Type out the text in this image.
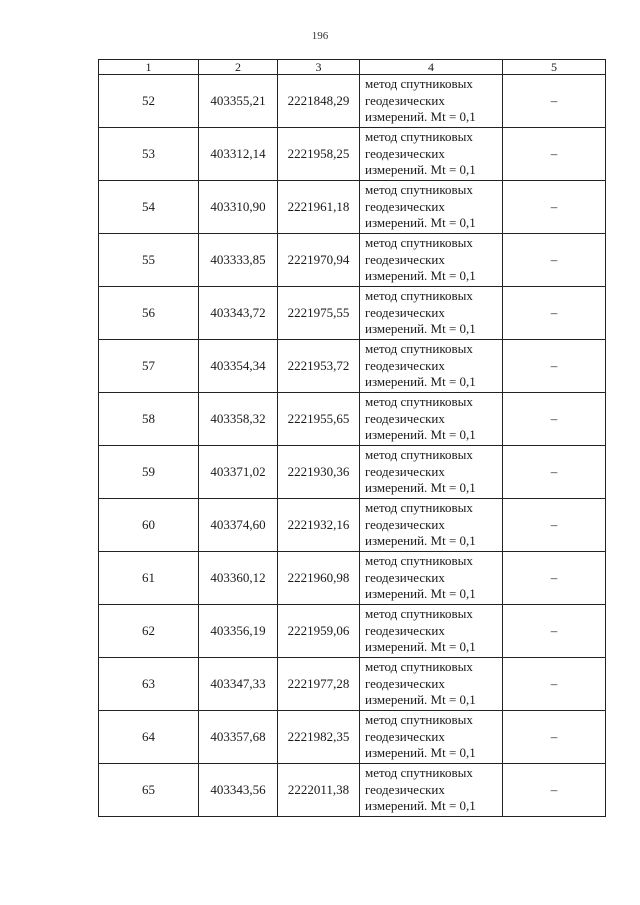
196
1	2	3	4	5
52	403355,21	2221848,29	метод спутниковых
геодезических
измерений. Mt = 0,1	–
53	403312,14	2221958,25	метод спутниковых
геодезических
измерений. Mt = 0,1	–
54	403310,90	2221961,18	метод спутниковых
геодезических
измерений. Mt = 0,1	–
55	403333,85	2221970,94	метод спутниковых
геодезических
измерений. Mt = 0,1	–
56	403343,72	2221975,55	метод спутниковых
геодезических
измерений. Mt = 0,1	–
57	403354,34	2221953,72	метод спутниковых
геодезических
измерений. Mt = 0,1	–
58	403358,32	2221955,65	метод спутниковых
геодезических
измерений. Mt = 0,1	–
59	403371,02	2221930,36	метод спутниковых
геодезических
измерений. Mt = 0,1	–
60	403374,60	2221932,16	метод спутниковых
геодезических
измерений. Mt = 0,1	–
61	403360,12	2221960,98	метод спутниковых
геодезических
измерений. Mt = 0,1	–
62	403356,19	2221959,06	метод спутниковых
геодезических
измерений. Mt = 0,1	–
63	403347,33	2221977,28	метод спутниковых
геодезических
измерений. Mt = 0,1	–
64	403357,68	2221982,35	метод спутниковых
геодезических
измерений. Mt = 0,1	–
65	403343,56	2222011,38	метод спутниковых
геодезических
измерений. Mt = 0,1	–
